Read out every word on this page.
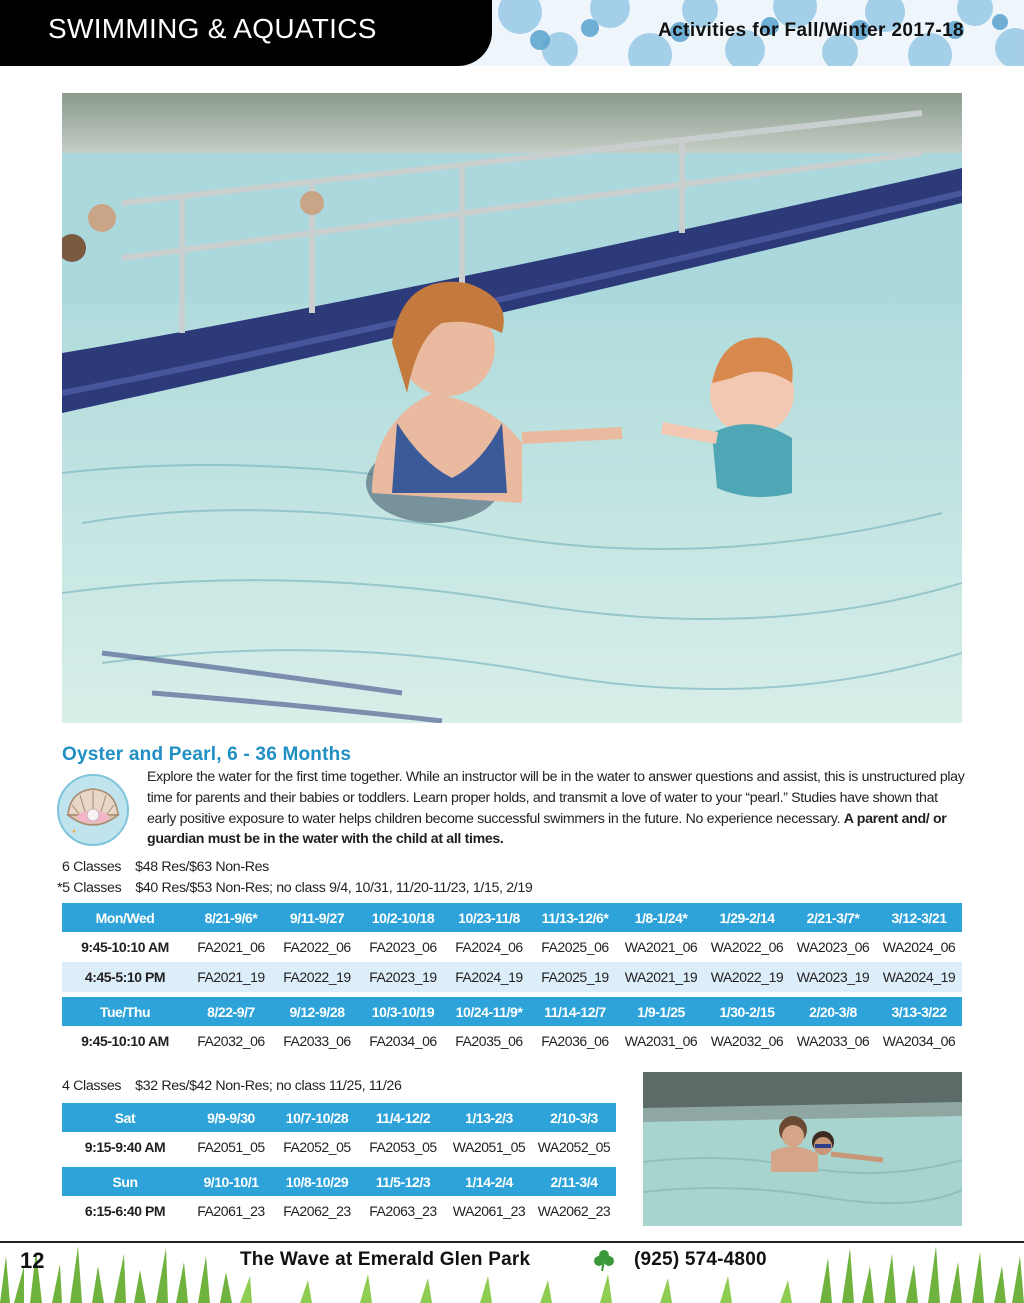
SWIMMING & AQUATICS	Activities for Fall/Winter 2017-18
Oyster and Pearl, 6 - 36 Months
Explore the water for the first time together. While an instructor will be in the water to answer questions and assist, this is unstructured play time for parents and their babies or toddlers. Learn proper holds, and transmit a love of water to your “pearl.” Studies have shown that early positive exposure to water helps children become successful swimmers in the future. No experience necessary. A parent and/ or guardian must be in the water with the child at all times.
6 Classes $48 Res/$63 Non-Res
*5 Classes $40 Res/$53 Non-Res; no class 9/4, 10/31, 11/20-11/23, 1/15, 2/19
Mon/Wed	8/21-9/6*	9/11-9/27	10/2-10/18	10/23-11/8	11/13-12/6*	1/8-1/24*	1/29-2/14	2/21-3/7*	3/12-3/21
9:45-10:10 AM	FA2021_06	FA2022_06	FA2023_06	FA2024_06	FA2025_06	WA2021_06	WA2022_06	WA2023_06	WA2024_06
4:45-5:10 PM	FA2021_19	FA2022_19	FA2023_19	FA2024_19	FA2025_19	WA2021_19	WA2022_19	WA2023_19	WA2024_19
Tue/Thu	8/22-9/7	9/12-9/28	10/3-10/19	10/24-11/9*	11/14-12/7	1/9-1/25	1/30-2/15	2/20-3/8	3/13-3/22
9:45-10:10 AM	FA2032_06	FA2033_06	FA2034_06	FA2035_06	FA2036_06	WA2031_06	WA2032_06	WA2033_06	WA2034_06
4 Classes $32 Res/$42 Non-Res; no class 11/25, 11/26
Sat	9/9-9/30	10/7-10/28	11/4-12/2	1/13-2/3	2/10-3/3
9:15-9:40 AM	FA2051_05	FA2052_05	FA2053_05	WA2051_05	WA2052_05
Sun	9/10-10/1	10/8-10/29	11/5-12/3	1/14-2/4	2/11-3/4
6:15-6:40 PM	FA2061_23	FA2062_23	FA2063_23	WA2061_23	WA2062_23
12	The Wave at Emerald Glen Park	(925) 574-4800
